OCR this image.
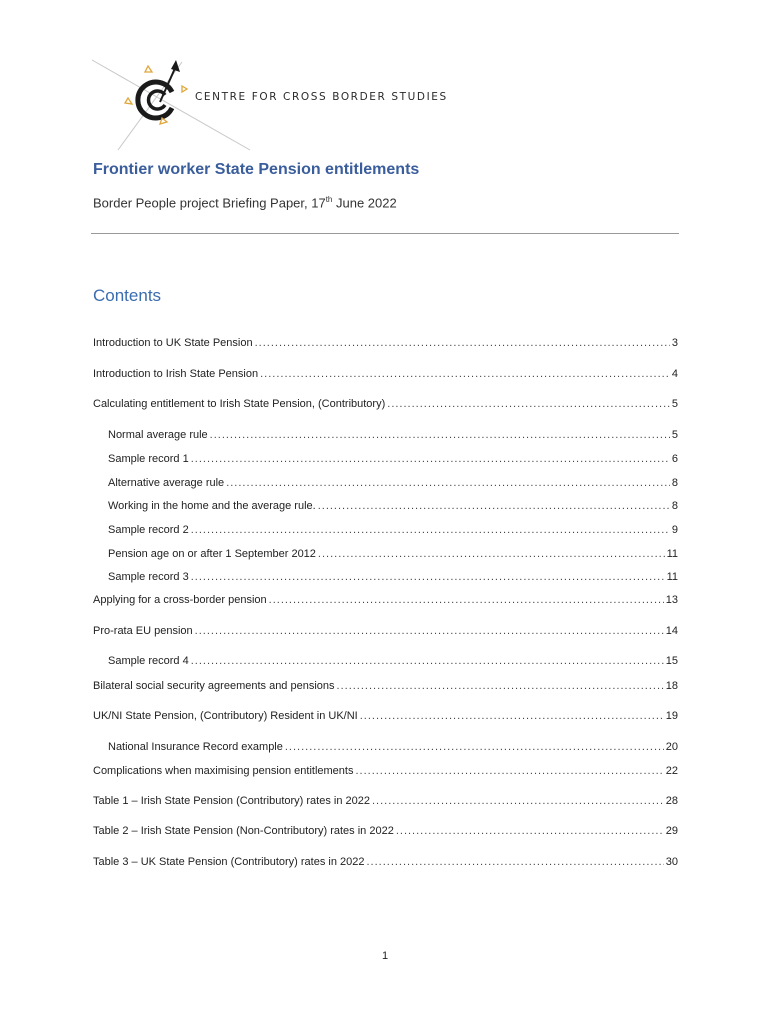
CENTRE FOR CROSS BORDER STUDIES
Frontier worker State Pension entitlements
Border People project Briefing Paper, 17th June 2022
Contents
Introduction to UK State Pension .....	3
Introduction to Irish State Pension .....	4
Calculating entitlement to Irish State Pension, (Contributory) .....	5
Normal average rule .....	5
Sample record 1 .....	6
Alternative average rule .....	8
Working in the home and the average rule. .....	8
Sample record 2 .....	9
Pension age on or after 1 September 2012 .....	11
Sample record 3 .....	11
Applying for a cross-border pension .....	13
Pro-rata EU pension .....	14
Sample record 4 .....	15
Bilateral social security agreements and pensions .....	18
UK/NI State Pension, (Contributory) Resident in UK/NI .....	19
National Insurance Record example .....	20
Complications when maximising pension entitlements .....	22
Table 1 – Irish State Pension (Contributory) rates in 2022 .....	28
Table 2 – Irish State Pension (Non-Contributory) rates in 2022 .....	29
Table 3 – UK State Pension (Contributory) rates in 2022 .....	30
1
